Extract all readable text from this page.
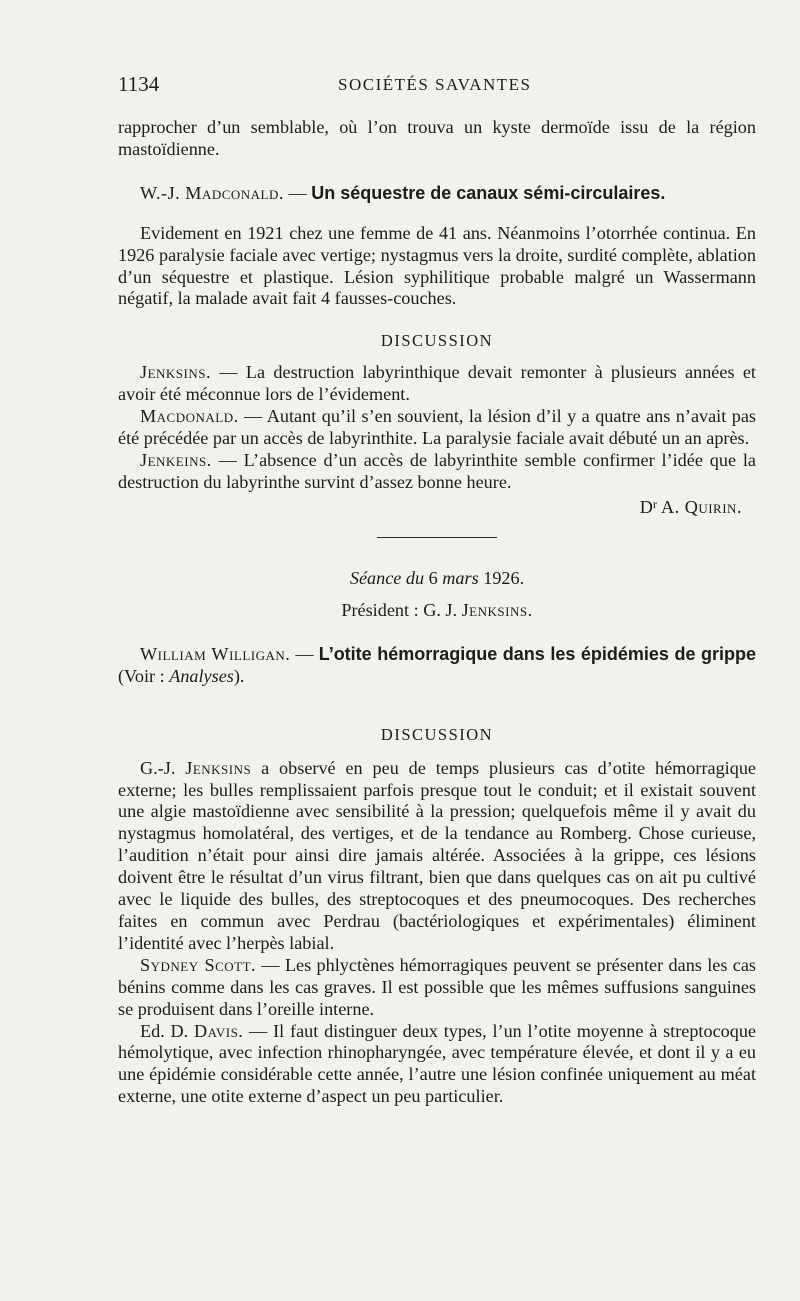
1134	SOCIÉTÉS SAVANTES

rapprocher d’un semblable, où l’on trouva un kyste dermoïde issu de la région mastoïdienne.

W.-J. Madconald. — Un séquestre de canaux sémi-circulaires.

Evidement en 1921 chez une femme de 41 ans. Néanmoins l’otorrhée continua. En 1926 paralysie faciale avec vertige; nystagmus vers la droite, surdité complète, ablation d’un séquestre et plastique. Lésion syphilitique probable malgré un Wassermann négatif, la malade avait fait 4 fausses-couches.

DISCUSSION

Jenksins. — La destruction labyrinthique devait remonter à plusieurs années et avoir été méconnue lors de l’évidement.

Macdonald. — Autant qu’il s’en souvient, la lésion d’il y a quatre ans n’avait pas été précédée par un accès de labyrinthite. La paralysie faciale avait débuté un an après.

Jenkeins. — L’absence d’un accès de labyrinthite semble confirmer l’idée que la destruction du labyrinthe survint d’assez bonne heure.

$D^r$ A. Quirin.

Séance du 6 mars 1926.

Président : G. J. Jenksins.

William Willigan. — L’otite hémorragique dans les épidémies de grippe (Voir : Analyses).

DISCUSSION

G.-J. Jenksins a observé en peu de temps plusieurs cas d’otite hémorragique externe; les bulles remplissaient parfois presque tout le conduit; et il existait souvent une algie mastoïdienne avec sensibilité à la pression; quelquefois même il y avait du nystagmus homolatéral, des vertiges, et de la tendance au Romberg. Chose curieuse, l’audition n’était pour ainsi dire jamais altérée. Associées à la grippe, ces lésions doivent être le résultat d’un virus filtrant, bien que dans quelques cas on ait pu cultivé avec le liquide des bulles, des streptocoques et des pneumocoques. Des recherches faites en commun avec Perdrau (bactériologiques et expérimentales) éliminent l’identité avec l’herpès labial.

Sydney Scott. — Les phlyctènes hémorragiques peuvent se présenter dans les cas bénins comme dans les cas graves. Il est possible que les mêmes suffusions sanguines se produisent dans l’oreille interne.

Ed. D. Davis. — Il faut distinguer deux types, l’un l’otite moyenne à streptocoque hémolytique, avec infection rhinopharyngée, avec température élevée, et dont il y a eu une épidémie considérable cette année, l’autre une lésion confinée uniquement au méat externe, une otite externe d’aspect un peu particulier.
